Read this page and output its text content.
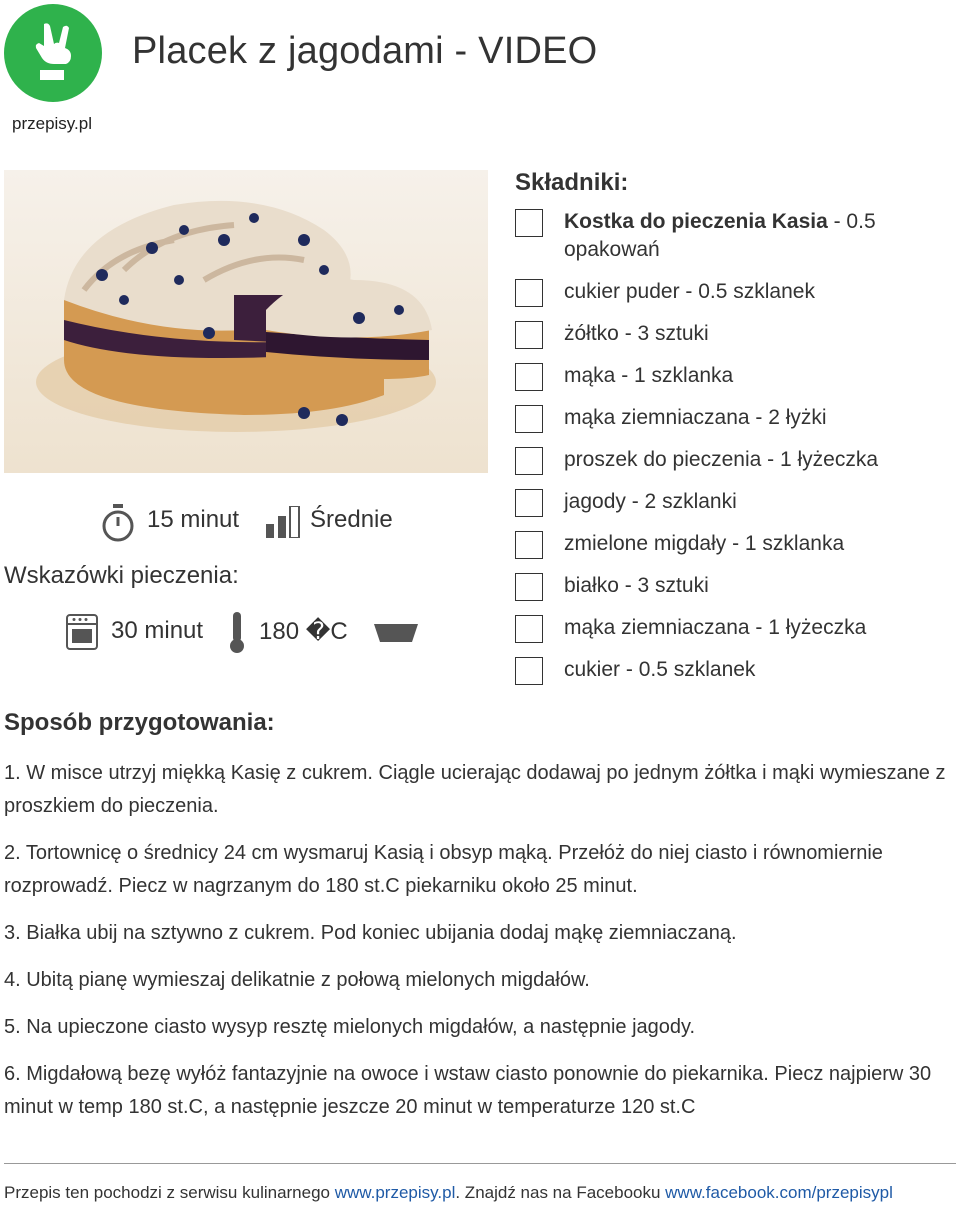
przepisy.pl
Placek z jagodami - VIDEO
15 minut	Średnie
Wskazówki pieczenia:
30 minut 180 �C
Składniki:
Kostka do pieczenia Kasia - 0.5 opakowań
cukier puder - 0.5 szklanek
żółtko - 3 sztuki
mąka - 1 szklanka
mąka ziemniaczana - 2 łyżki
proszek do pieczenia - 1 łyżeczka
jagody - 2 szklanki
zmielone migdały - 1 szklanka
białko - 3 sztuki
mąka ziemniaczana - 1 łyżeczka
cukier - 0.5 szklanek
Sposób przygotowania:
1. W misce utrzyj miękką Kasię z cukrem. Ciągle ucierając dodawaj po jednym żółtka i mąki wymieszane z proszkiem do pieczenia.
2. Tortownicę o średnicy 24 cm wysmaruj Kasią i obsyp mąką. Przełóż do niej ciasto i równomiernie rozprowadź. Piecz w nagrzanym do 180 st.C piekarniku około 25 minut.
3. Białka ubij na sztywno z cukrem. Pod koniec ubijania dodaj mąkę ziemniaczaną.
4. Ubitą pianę wymieszaj delikatnie z połową mielonych migdałów.
5. Na upieczone ciasto wysyp resztę mielonych migdałów, a następnie jagody.
6. Migdałową bezę wyłóż fantazyjnie na owoce i wstaw ciasto ponownie do piekarnika. Piecz najpierw 30 minut w temp 180 st.C, a następnie jeszcze 20 minut w temperaturze 120 st.C
Przepis ten pochodzi z serwisu kulinarnego www.przepisy.pl. Znajdź nas na Facebooku www.facebook.com/przepisypl
